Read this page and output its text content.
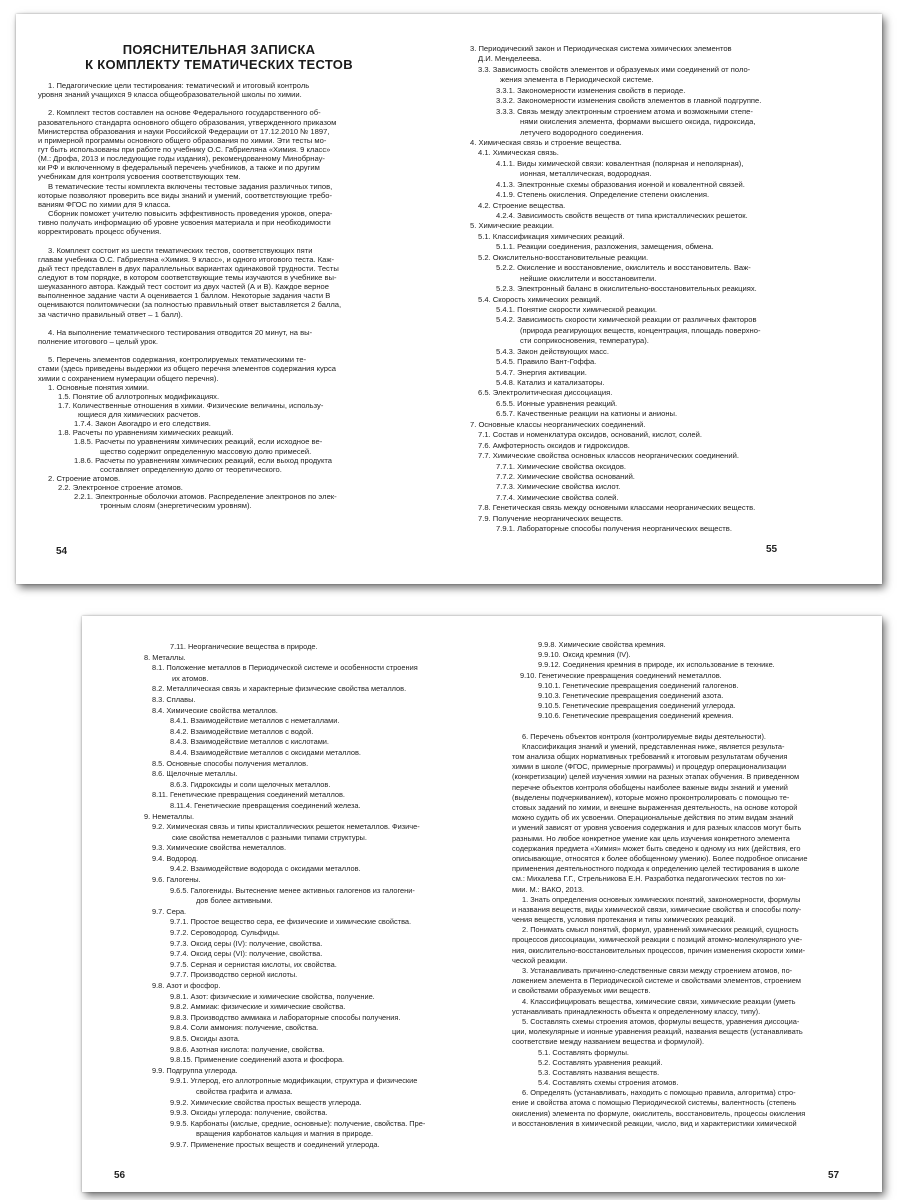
ПОЯСНИТЕЛЬНАЯ ЗАПИСКА
К КОМПЛЕКТУ ТЕМАТИЧЕСКИХ ТЕСТОВ
1. Педагогические цели тестирования: тематический и итоговый контроль
уровня знаний учащихся 9 класса общеобразовательной школы по химии.
2. Комплект тестов составлен на основе Федерального государственного об-
разовательного стандарта основного общего образования, утвержденного приказом
Министерства образования и науки Российской Федерации от 17.12.2010 № 1897,
и примерной программы основного общего образования по химии. Эти тесты мо-
гут быть использованы при работе по учебнику О.С. Габриеляна «Химия. 9 класс»
(М.: Дрофа, 2013 и последующие годы издания), рекомендованному Минобрнау-
ки РФ и включенному в федеральный перечень учебников, а также и по другим
учебникам для контроля усвоения соответствующих тем.
В тематические тесты комплекта включены тестовые задания различных типов,
которые позволяют проверить все виды знаний и умений, соответствующие требо-
ваниям ФГОС по химии для 9 класса.
Сборник поможет учителю повысить эффективность проведения уроков, опера-
тивно получать информацию об уровне усвоения материала и при необходимости
корректировать процесс обучения.
3. Комплект состоит из шести тематических тестов, соответствующих пяти
главам учебника О.С. Габриеляна «Химия. 9 класс», и одного итогового теста. Каж-
дый тест представлен в двух параллельных вариантах одинаковой трудности. Тесты
следуют в том порядке, в котором соответствующие темы изучаются в учебнике вы-
шеуказанного автора. Каждый тест состоит из двух частей (А и В). Каждое верное
выполненное задание части А оценивается 1 баллом. Некоторые задания части В
оцениваются политомически (за полностью правильный ответ выставляется 2 балла,
за частично правильный ответ – 1 балл).
4. На выполнение тематического тестирования отводится 20 минут, на вы-
полнение итогового – целый урок.
5. Перечень элементов содержания, контролируемых тематическими те-
стами (здесь приведены выдержки из общего перечня элементов содержания курса
химии с сохранением нумерации общего перечня).
1. Основные понятия химии.
1.5. Понятие об аллотропных модификациях.
1.7. Количественные отношения в химии. Физические величины, использу-
ющиеся для химических расчетов.
1.7.4. Закон Авогадро и его следствия.
1.8. Расчеты по уравнениям химических реакций.
1.8.5. Расчеты по уравнениям химических реакций, если исходное ве-
щество содержит определенную массовую долю примесей.
1.8.6. Расчеты по уравнениям химических реакций, если выход продукта
составляет определенную долю от теоретического.
2. Строение атомов.
2.2. Электронное строение атомов.
2.2.1. Электронные оболочки атомов. Распределение электронов по элек-
тронным слоям (энергетическим уровням).
54
3. Периодический закон и Периодическая система химических элементов
Д.И. Менделеева.
3.3. Зависимость свойств элементов и образуемых ими соединений от поло-
жения элемента в Периодической системе.
3.3.1. Закономерности изменения свойств в периоде.
3.3.2. Закономерности изменения свойств элементов в главной подгруппе.
3.3.3. Связь между электронным строением атома и возможными степе-
нями окисления элемента, формами высшего оксида, гидроксида,
летучего водородного соединения.
4. Химическая связь и строение вещества.
4.1. Химическая связь.
4.1.1. Виды химической связи: ковалентная (полярная и неполярная),
ионная, металлическая, водородная.
4.1.3. Электронные схемы образования ионной и ковалентной связей.
4.1.9. Степень окисления. Определение степени окисления.
4.2. Строение вещества.
4.2.4. Зависимость свойств веществ от типа кристаллических решеток.
5. Химические реакции.
5.1. Классификация химических реакций.
5.1.1. Реакции соединения, разложения, замещения, обмена.
5.2. Окислительно-восстановительные реакции.
5.2.2. Окисление и восстановление, окислитель и восстановитель. Важ-
нейшие окислители и восстановители.
5.2.3. Электронный баланс в окислительно-восстановительных реакциях.
5.4. Скорость химических реакций.
5.4.1. Понятие скорости химической реакции.
5.4.2. Зависимость скорости химической реакции от различных факторов
(природа реагирующих веществ, концентрация, площадь поверхно-
сти соприкосновения, температура).
5.4.3. Закон действующих масс.
5.4.5. Правило Вант-Гоффа.
5.4.7. Энергия активации.
5.4.8. Катализ и катализаторы.
6.5. Электролитическая диссоциация.
6.5.5. Ионные уравнения реакций.
6.5.7. Качественные реакции на катионы и анионы.
7. Основные классы неорганических соединений.
7.1. Состав и номенклатура оксидов, оснований, кислот, солей.
7.6. Амфотерность оксидов и гидроксидов.
7.7. Химические свойства основных классов неорганических соединений.
7.7.1. Химические свойства оксидов.
7.7.2. Химические свойства оснований.
7.7.3. Химические свойства кислот.
7.7.4. Химические свойства солей.
7.8. Генетическая связь между основными классами неорганических веществ.
7.9. Получение неорганических веществ.
7.9.1. Лабораторные способы получения неорганических веществ.
55
7.11. Неорганические вещества в природе.
8. Металлы.
8.1. Положение металлов в Периодической системе и особенности строения
их атомов.
8.2. Металлическая связь и характерные физические свойства металлов.
8.3. Сплавы.
8.4. Химические свойства металлов.
8.4.1. Взаимодействие металлов с неметаллами.
8.4.2. Взаимодействие металлов с водой.
8.4.3. Взаимодействие металлов с кислотами.
8.4.4. Взаимодействие металлов с оксидами металлов.
8.5. Основные способы получения металлов.
8.6. Щелочные металлы.
8.6.3. Гидроксиды и соли щелочных металлов.
8.11. Генетические превращения соединений металлов.
8.11.4. Генетические превращения соединений железа.
9. Неметаллы.
9.2. Химическая связь и типы кристаллических решеток неметаллов. Физиче-
ские свойства неметаллов с разными типами структуры.
9.3. Химические свойства неметаллов.
9.4. Водород.
9.4.2. Взаимодействие водорода с оксидами металлов.
9.6. Галогены.
9.6.5. Галогениды. Вытеснение менее активных галогенов из галогени-
дов более активными.
9.7. Сера.
9.7.1. Простое вещество сера, ее физические и химические свойства.
9.7.2. Сероводород. Сульфиды.
9.7.3. Оксид серы (IV): получение, свойства.
9.7.4. Оксид серы (VI): получение, свойства.
9.7.5. Серная и сернистая кислоты, их свойства.
9.7.7. Производство серной кислоты.
9.8. Азот и фосфор.
9.8.1. Азот: физические и химические свойства, получение.
9.8.2. Аммиак: физические и химические свойства.
9.8.3. Производство аммиака и лабораторные способы получения.
9.8.4. Соли аммония: получение, свойства.
9.8.5. Оксиды азота.
9.8.6. Азотная кислота: получение, свойства.
9.8.15. Применение соединений азота и фосфора.
9.9. Подгруппа углерода.
9.9.1. Углерод, его аллотропные модификации, структура и физические
свойства графита и алмаза.
9.9.2. Химические свойства простых веществ углерода.
9.9.3. Оксиды углерода: получение, свойства.
9.9.5. Карбонаты (кислые, средние, основные): получение, свойства. Пре-
вращения карбонатов кальция и магния в природе.
9.9.7. Применение простых веществ и соединений углерода.
56
9.9.8. Химические свойства кремния.
9.9.10. Оксид кремния (IV).
9.9.12. Соединения кремния в природе, их использование в технике.
9.10. Генетические превращения соединений неметаллов.
9.10.1. Генетические превращения соединений галогенов.
9.10.3. Генетические превращения соединений азота.
9.10.5. Генетические превращения соединений углерода.
9.10.6. Генетические превращения соединений кремния.
6. Перечень объектов контроля (контролируемые виды деятельности).
Классификация знаний и умений, представленная ниже, является результа-
том анализа общих нормативных требований к итоговым результатам обучения
химии в школе (ФГОС, примерные программы) и процедур операционализации
(конкретизации) целей изучения химии на разных этапах обучения. В приведенном
перечне объектов контроля обобщены наиболее важные виды знаний и умений
(выделены подчеркиванием), которые можно проконтролировать с помощью те-
стовых заданий по химии, и внешне выраженная деятельность, на основе которой
можно судить об их усвоении. Операциональные действия по этим видам знаний
и умений зависят от уровня усвоения содержания и для разных классов могут быть
разными. Но любое конкретное умение как цель изучения конкретного элемента
содержания предмета «Химия» может быть сведено к одному из них (действия, его
описывающие, относятся к более обобщенному умению). Более подробное описание
применения деятельностного подхода к определению целей тестирования в школе
см.: Михалева Г.Г., Стрельникова Е.Н. Разработка педагогических тестов по хи-
мии. М.: ВАКО, 2013.
1. Знать определения основных химических понятий, закономерности, формулы
и названия веществ, виды химической связи, химические свойства и способы полу-
чения веществ, условия протекания и типы химических реакций.
2. Понимать смысл понятий, формул, уравнений химических реакций, сущность
процессов диссоциации, химической реакции с позиций атомно-молекулярного уче-
ния, окислительно-восстановительных процессов, причин изменения скорости хими-
ческой реакции.
3. Устанавливать причинно-следственные связи между строением атомов, по-
ложением элемента в Периодической системе и свойствами элементов, строением
и свойствами образуемых ими веществ.
4. Классифицировать вещества, химические связи, химические реакции (уметь
устанавливать принадлежность объекта к определенному классу, типу).
5. Составлять схемы строения атомов, формулы веществ, уравнения диссоциа-
ции, молекулярные и ионные уравнения реакций, названия веществ (устанавливать
соответствие между названием вещества и формулой).
5.1. Составлять формулы.
5.2. Составлять уравнения реакций.
5.3. Составлять названия веществ.
5.4. Составлять схемы строения атомов.
6. Определять (устанавливать, находить с помощью правила, алгоритма) стро-
ение и свойства атома с помощью Периодической системы, валентность (степень
окисления) элемента по формуле, окислитель, восстановитель, процессы окисления
и восстановления в химической реакции, число, вид и характеристики химической
57
